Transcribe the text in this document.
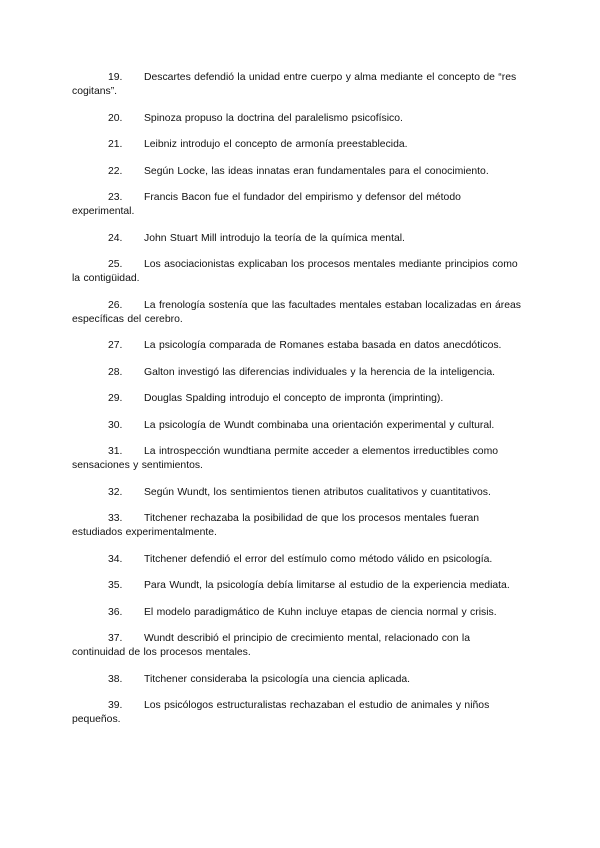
19. Descartes defendió la unidad entre cuerpo y alma mediante el concepto de “res cogitans”.

20. Spinoza propuso la doctrina del paralelismo psicofísico.

21. Leibniz introdujo el concepto de armonía preestablecida.

22. Según Locke, las ideas innatas eran fundamentales para el conocimiento.

23. Francis Bacon fue el fundador del empirismo y defensor del método experimental.

24. John Stuart Mill introdujo la teoría de la química mental.

25. Los asociacionistas explicaban los procesos mentales mediante principios como la contigüidad.

26. La frenología sostenía que las facultades mentales estaban localizadas en áreas específicas del cerebro.

27. La psicología comparada de Romanes estaba basada en datos anecdóticos.

28. Galton investigó las diferencias individuales y la herencia de la inteligencia.

29. Douglas Spalding introdujo el concepto de impronta (imprinting).

30. La psicología de Wundt combinaba una orientación experimental y cultural.

31. La introspección wundtiana permite acceder a elementos irreductibles como sensaciones y sentimientos.

32. Según Wundt, los sentimientos tienen atributos cualitativos y cuantitativos.

33. Titchener rechazaba la posibilidad de que los procesos mentales fueran estudiados experimentalmente.

34. Titchener defendió el error del estímulo como método válido en psicología.

35. Para Wundt, la psicología debía limitarse al estudio de la experiencia mediata.

36. El modelo paradigmático de Kuhn incluye etapas de ciencia normal y crisis.

37. Wundt describió el principio de crecimiento mental, relacionado con la continuidad de los procesos mentales.

38. Titchener consideraba la psicología una ciencia aplicada.

39. Los psicólogos estructuralistas rechazaban el estudio de animales y niños pequeños.
